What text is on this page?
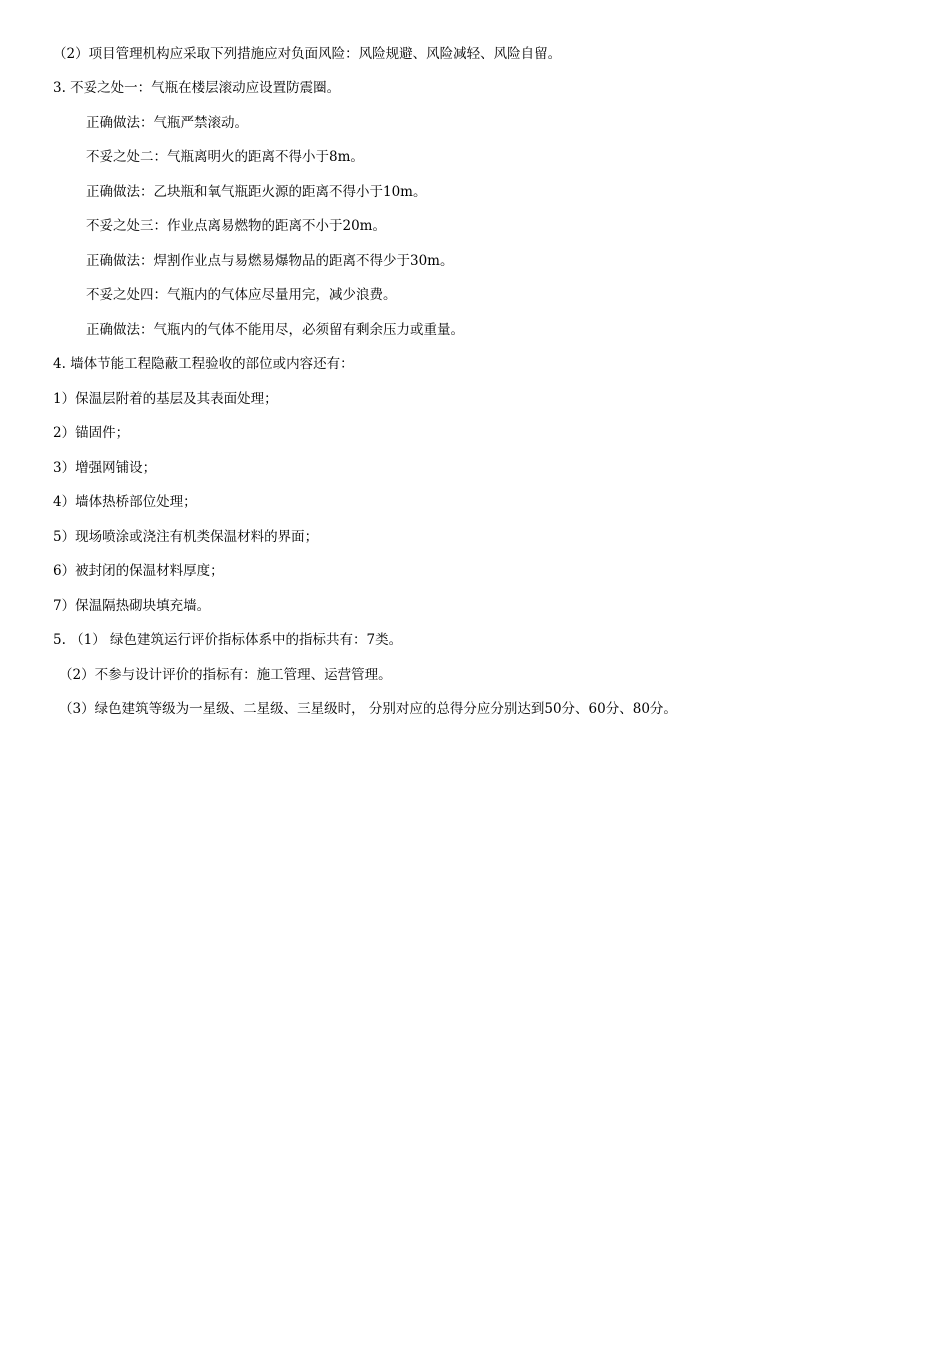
（2）项目管理机构应采取下列措施应对负面风险：风险规避、风险减轻、风险自留。
3. 不妥之处一：气瓶在楼层滚动应设置防震圈。
正确做法：气瓶严禁滚动。
不妥之处二：气瓶离明火的距离不得小于8m。
正确做法：乙块瓶和氧气瓶距火源的距离不得小于10m。
不妥之处三：作业点离易燃物的距离不小于20m。
正确做法：焊割作业点与易燃易爆物品的距离不得少于30m。
不妥之处四：气瓶内的气体应尽量用完，减少浪费。
正确做法：气瓶内的气体不能用尽，必须留有剩余压力或重量。
4. 墙体节能工程隐蔽工程验收的部位或内容还有：
1）保温层附着的基层及其表面处理；
2）锚固件；
3）增强网铺设；
4）墙体热桥部位处理；
5）现场喷涂或浇注有机类保温材料的界面；
6）被封闭的保温材料厚度；
7）保温隔热砌块填充墙。
5. （1） 绿色建筑运行评价指标体系中的指标共有：7类。
（2）不参与设计评价的指标有：施工管理、运营管理。
（3）绿色建筑等级为一星级、二星级、三星级时， 分别对应的总得分应分别达到50分、60分、80分。
